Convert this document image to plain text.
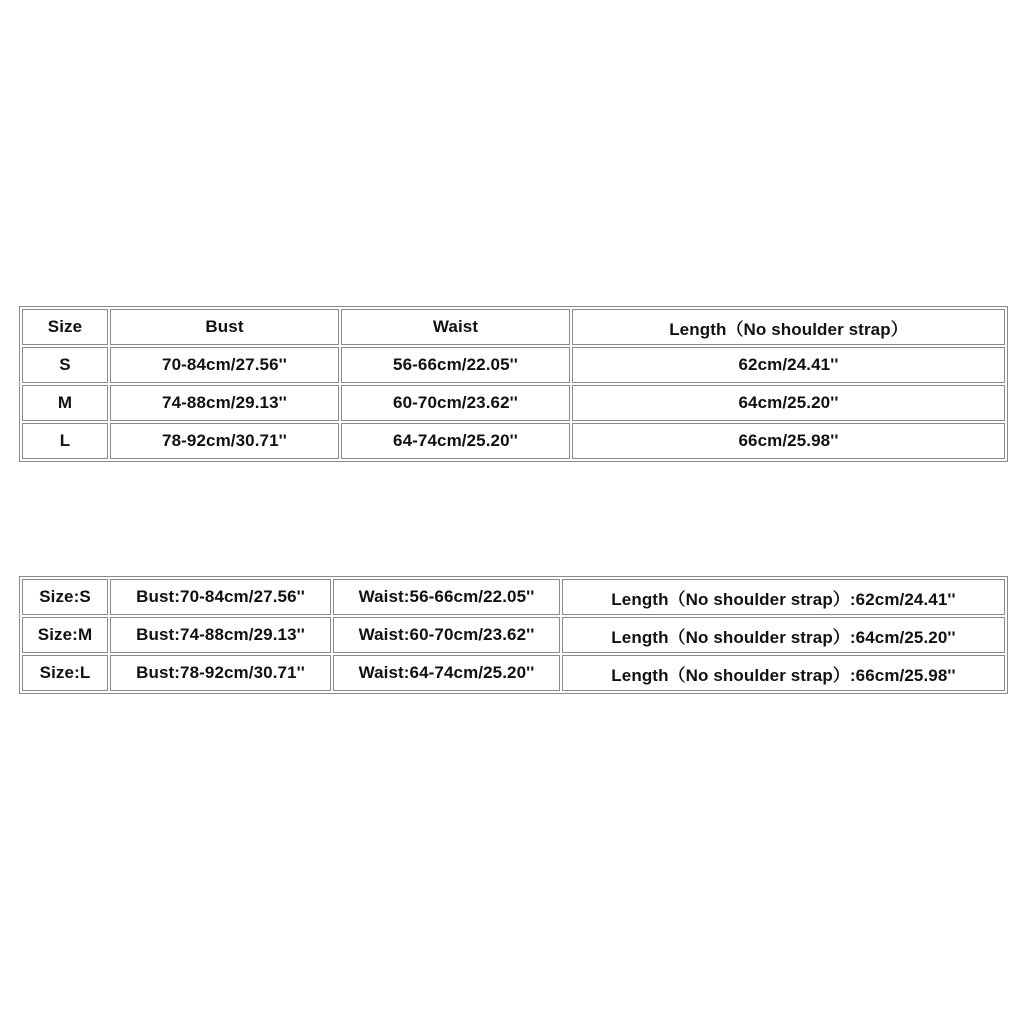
Size	Bust	Waist	Length（No shoulder strap）
S	70-84cm/27.56''	56-66cm/22.05''	62cm/24.41''
M	74-88cm/29.13''	60-70cm/23.62''	64cm/25.20''
L	78-92cm/30.71''	64-74cm/25.20''	66cm/25.98''
Size:S	Bust:70-84cm/27.56''	Waist:56-66cm/22.05''	Length（No shoulder strap）:62cm/24.41''
Size:M	Bust:74-88cm/29.13''	Waist:60-70cm/23.62''	Length（No shoulder strap）:64cm/25.20''
Size:L	Bust:78-92cm/30.71''	Waist:64-74cm/25.20''	Length（No shoulder strap）:66cm/25.98''
